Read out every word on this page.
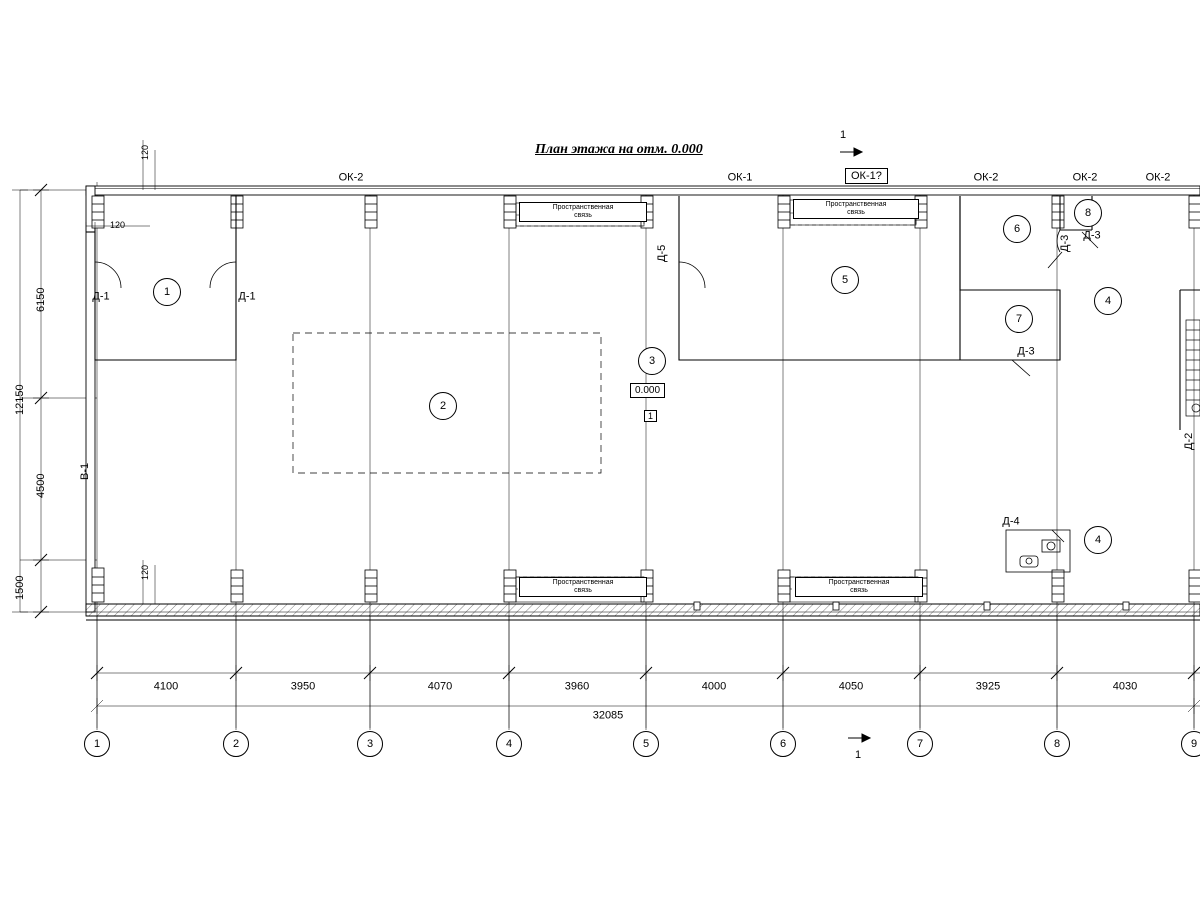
План этажа на отм. 0.000
ОК-2	ОК-1	ОК-2	ОК-2	ОК-2
ОК-1?
Д-1	Д-1
Д-5
Д-3
Д-3
Д-3
Д-4
Д-2
1
2
3
5
6
8
4
7
4
0.000
1
Пространственная
связь
Пространственная
связь
Пространственная
связь
Пространственная
связь
4100	3950	4070	3960	4000	4050	3925	4030
32085
1	2	3	4	5	6	7	8	9
1
1
6150
4500
1500
12150
В-1
120
120
120
